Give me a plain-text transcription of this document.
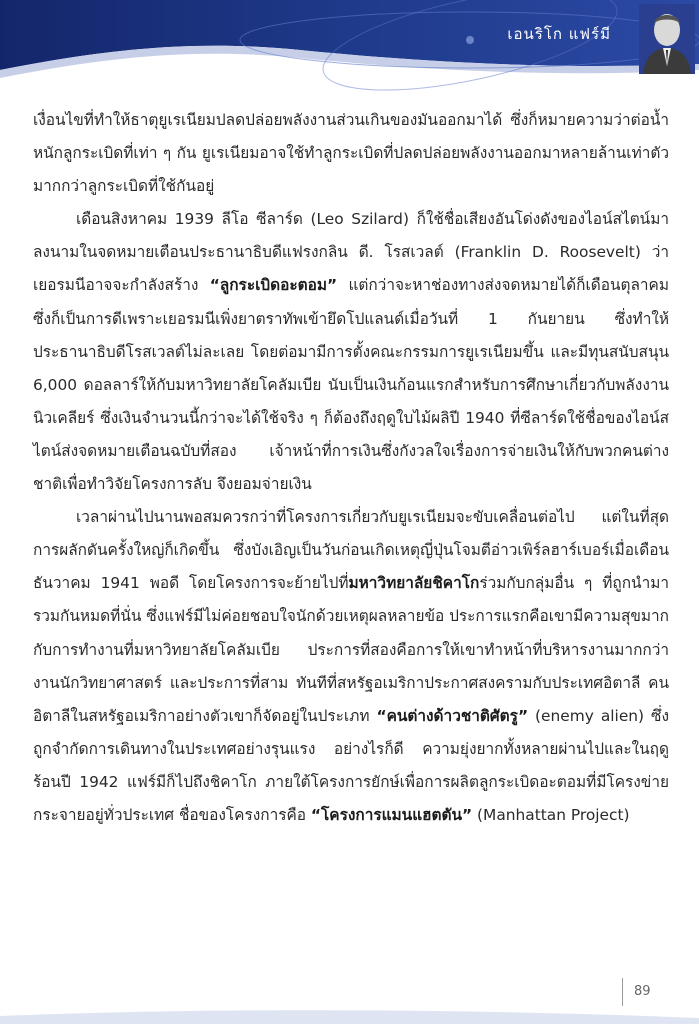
เอนริโก แฟร์มี

เงื่อนไขที่ทำให้ธาตุยูเรเนียมปลดปล่อยพลังงานส่วนเกินของมันออกมาได้ ซึ่งก็หมายความว่าต่อน้ำหนักลูกระเบิดที่เท่า ๆ กัน ยูเรเนียมอาจใช้ทำลูกระเบิดที่ปลดปล่อยพลังงานออกมาหลายล้านเท่าตัวมากกว่าลูกระเบิดที่ใช้กันอยู่

เดือนสิงหาคม 1939 ลีโอ ซีลาร์ด (Leo Szilard) ก็ใช้ชื่อเสียงอันโด่งดังของไอน์สไตน์มาลงนามในจดหมายเตือนประธานาธิบดีแฟรงกลิน ดี. โรสเวลต์ (Franklin D. Roosevelt) ว่าเยอรมนีอาจจะกำลังสร้าง “ลูกระเบิดอะตอม” แต่กว่าจะหาช่องทางส่งจดหมายได้ก็เดือนตุลาคม ซึ่งก็เป็นการดีเพราะเยอรมนีเพิ่งยาตราทัพเข้ายึดโปแลนด์เมื่อวันที่ 1 กันยายน ซึ่งทำให้ประธานาธิบดีโรสเวลต์ไม่ละเลย โดยต่อมามีการตั้งคณะกรรมการยูเรเนียมขึ้น และมีทุนสนับสนุน 6,000 ดอลลาร์ให้กับมหาวิทยาลัยโคลัมเบีย นับเป็นเงินก้อนแรกสำหรับการศึกษาเกี่ยวกับพลังงานนิวเคลียร์ ซึ่งเงินจำนวนนี้กว่าจะได้ใช้จริง ๆ ก็ต้องถึงฤดูใบไม้ผลิปี 1940 ที่ซีลาร์ดใช้ชื่อของไอน์สไตน์ส่งจดหมายเตือนฉบับที่สอง เจ้าหน้าที่การเงินซึ่งกังวลใจเรื่องการจ่ายเงินให้กับพวกคนต่างชาติเพื่อทำวิจัยโครงการลับ จึงยอมจ่ายเงิน

เวลาผ่านไปนานพอสมควรกว่าที่โครงการเกี่ยวกับยูเรเนียมจะขับเคลื่อนต่อไป แต่ในที่สุดการผลักดันครั้งใหญ่ก็เกิดขึ้น ซึ่งบังเอิญเป็นวันก่อนเกิดเหตุญี่ปุ่นโจมตีอ่าวเพิร์ลฮาร์เบอร์เมื่อเดือนธันวาคม 1941 พอดี โดยโครงการจะย้ายไปที่มหาวิทยาลัยชิคาโกร่วมกับกลุ่มอื่น ๆ ที่ถูกนำมารวมกันหมดที่นั่น ซึ่งแฟร์มีไม่ค่อยชอบใจนักด้วยเหตุผลหลายข้อ ประการแรกคือเขามีความสุขมากกับการทำงานที่มหาวิทยาลัยโคลัมเบีย ประการที่สองคือการให้เขาทำหน้าที่บริหารงานมากกว่างานนักวิทยาศาสตร์ และประการที่สาม ทันทีที่สหรัฐอเมริกาประกาศสงครามกับประเทศอิตาลี คนอิตาลีในสหรัฐอเมริกาอย่างตัวเขาก็จัดอยู่ในประเภท “คนต่างด้าวชาติศัตรู” (enemy alien) ซึ่งถูกจำกัดการเดินทางในประเทศอย่างรุนแรง อย่างไรก็ดี ความยุ่งยากทั้งหลายผ่านไปและในฤดูร้อนปี 1942 แฟร์มีก็ไปถึงชิคาโก ภายใต้โครงการยักษ์เพื่อการผลิตลูกระเบิดอะตอมที่มีโครงข่ายกระจายอยู่ทั่วประเทศ ชื่อของโครงการคือ “โครงการแมนแฮตตัน” (Manhattan Project)

89
